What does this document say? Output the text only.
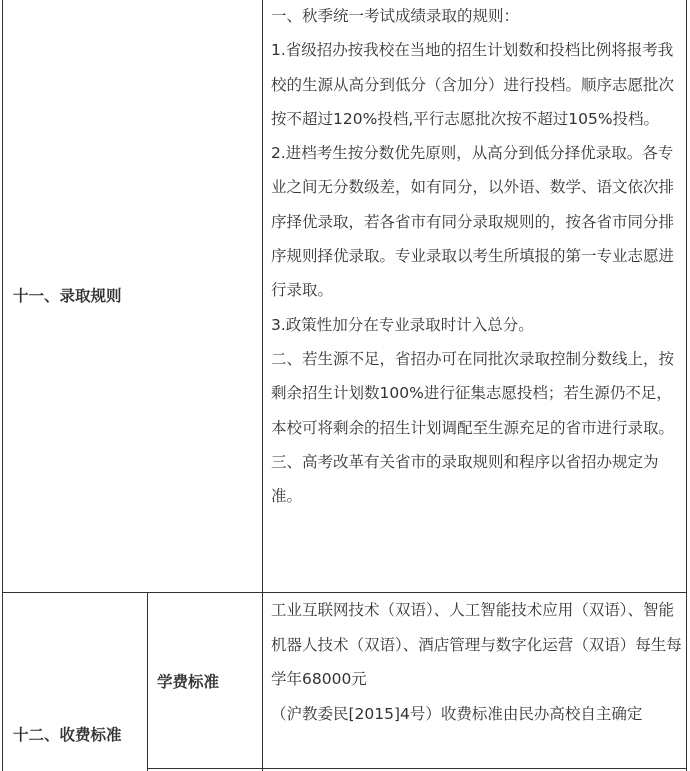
十一、录取规则

一、秋季统一考试成绩录取的规则：

1.省级招办按我校在当地的招生计划数和投档比例将报考我校的生源从高分到低分（含加分）进行投档。顺序志愿批次按不超过120%投档,平行志愿批次按不超过105%投档。

2.进档考生按分数优先原则，从高分到低分择优录取。各专业之间无分数级差，如有同分，以外语、数学、语文依次排序择优录取，若各省市有同分录取规则的，按各省市同分排序规则择优录取。专业录取以考生所填报的第一专业志愿进行录取。

3.政策性加分在专业录取时计入总分。

二、若生源不足，省招办可在同批次录取控制分数线上，按剩余招生计划数100%进行征集志愿投档；若生源仍不足，本校可将剩余的招生计划调配至生源充足的省市进行录取。

三、高考改革有关省市的录取规则和程序以省招办规定为准。

十二、收费标准
学费标准

工业互联网技术（双语）、人工智能技术应用（双语）、智能机器人技术（双语）、酒店管理与数字化运营（双语）每生每学年68000元

（沪教委民[2015]4号）收费标准由民办高校自主确定
